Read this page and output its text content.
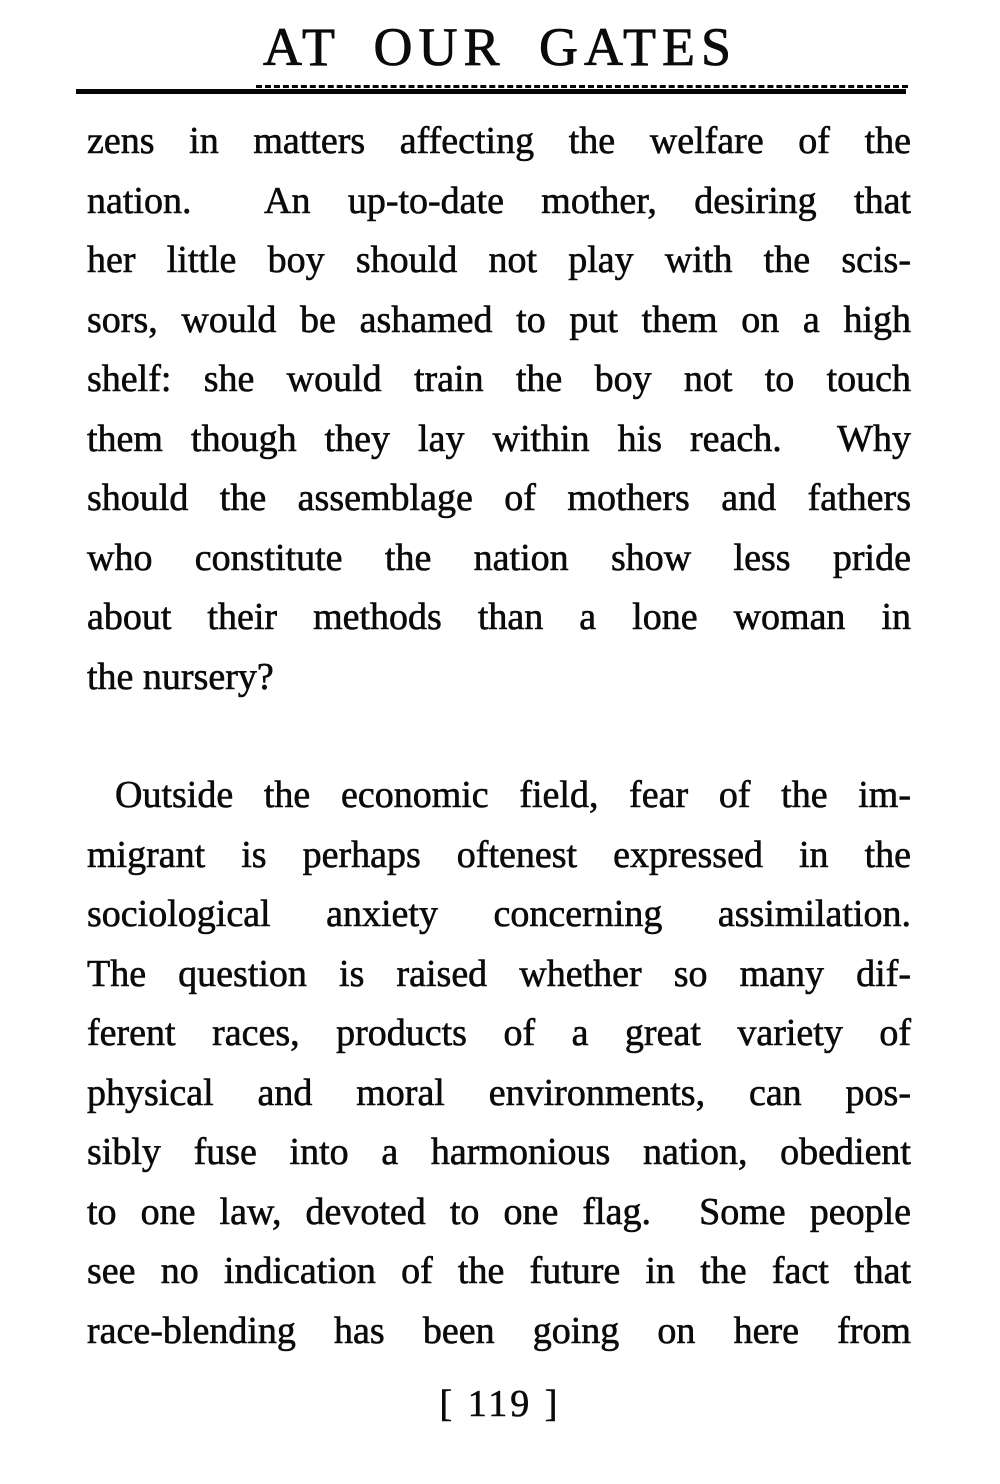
AT OUR GATES
zens in matters affecting the welfare of the
nation.  An up-to-date mother, desiring that
her little boy should not play with the scis-
sors, would be ashamed to put them on a high
shelf: she would train the boy not to touch
them though they lay within his reach.  Why
should the assemblage of mothers and fathers
who constitute the nation show less pride
about their methods than a lone woman in
the nursery?
Outside the economic field, fear of the im-
migrant is perhaps oftenest expressed in the
sociological anxiety concerning assimilation.
The question is raised whether so many dif-
ferent races, products of a great variety of
physical and moral environments, can pos-
sibly fuse into a harmonious nation, obedient
to one law, devoted to one flag.  Some people
see no indication of the future in the fact that
race-blending has been going on here from
[ 119 ]
